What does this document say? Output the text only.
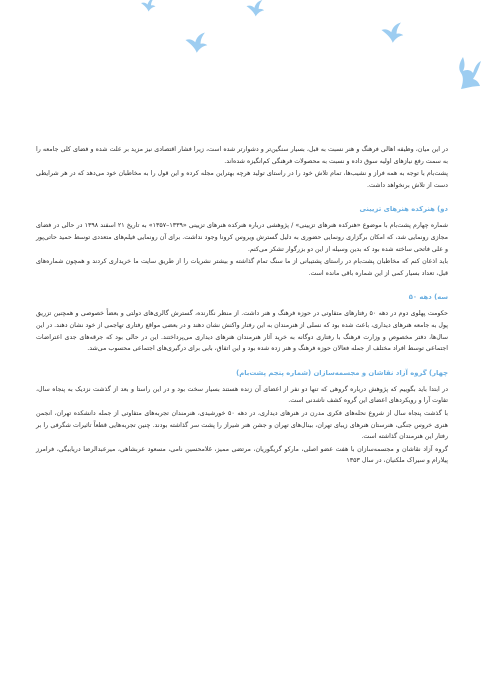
در این میان، وظیفه اهالی فرهنگ و هنر نسبت به قبل، بسیار سنگین‌تر و دشوارتر شده است، زیرا فشار اقتصادی نیز مزید بر علت شده و فضای کلی جامعه را به سمت رفع نیازهای اولیه سوق داده و نسبت به محصولات فرهنگی کم‌انگیزه شده‌اند.

پشت‌بام با توجه به همه فراز و نشیب‌ها، تمام تلاش خود را در راستای تولید هرچه بهتراین مجله کرده و این قول را به مخاطبان خود می‌دهد که در هر شرایطی دست از تلاش برنخواهد داشت.

دو) هنرکده هنرهای تزیینی

شماره چهارم پشت‌بام با موضوع «هنرکده هنرهای تزیینی» / پژوهشی درباره هنرکده هنرهای تزیینی «۱۳۳۹–۱۳۵۷» به تاریخ ۲۱ اسفند ۱۳۹۸ در حالی در فضای مجازی رونمایی شد، که امکان برگزاری رونمایی حضوری به دلیل گسترش ویروس کرونا وجود نداشت. برای آن رونمایی فیلم‌های متعددی توسط حمید حاتی‌پور و علی فاتحی ساخته شده بود که بدین وسیله از این دو بزرگوار تشکر می‌کنم.

باید اذعان کنم که مخاطبان پشت‌بام در راستای پشتیبانی از ما سنگ تمام گذاشته و بیشتر نشریات را از طریق سایت ما خریداری کردند و همچون شماره‌های قبل، تعداد بسیار کمی از این شماره باقی مانده است.

سه) دهه ۵۰

حکومت پهلوی دوم در دهه ۵۰ رفتارهای متفاوتی در حوزه فرهنگ و هنر داشت. از منظر نگارنده، گسترش گالری‌های دولتی و بعضاً خصوصی و همچنین تزریق پول به جامعه هنرهای دیداری، باعث شده بود که نسلی از هنرمندان به این رفتار واکنش نشان دهند و در بعضی مواقع رفتاری تهاجمی از خود نشان دهند. در این سال‌ها، دفتر مخصوص و وزارت فرهنگ با رفتاری دوگانه به خرید آثار هنرمندان هنرهای دیداری می‌پرداختند. این در حالی بود که جرقه‌های جدی اعتراضات اجتماعی توسط افراد مختلف از جمله فعالان حوزه فرهنگ و هنر زده شده بود و این اتفاق، بابی برای درگیری‌های اجتماعی محسوب می‌شد.

چهار) گروه آزاد نقاشان و مجسمه‌سازان (شماره پنجم پشت‌بام)

در ابتدا باید بگوییم که پژوهش درباره گروهی که تنها دو نفر از اعضای آن زنده هستند بسیار سخت بود و در این راستا و بعد از گذشت نزدیک به پنجاه سال، تفاوت آرا و رویکردهای اعضای این گروه کشف ناشدنی است.

با گذشت پنجاه سال از شروع نحله‌های فکری مدرن در هنرهای دیداری، در دهه ۵۰ خورشیدی، هنرمندان تجربه‌های متفاوتی از جمله دانشکده تهران، انجمن هنری خروس جنگی، هنرستان هنرهای زیبای تهران، بینال‌های تهران و جشن هنر شیراز را پشت سر گذاشته بودند. چنین تجربه‌هایی قطعاً تاثیرات شگرفی را بر رفتار این هنرمندان گذاشته است.

گروه آزاد نقاشان و مجسمه‌سازان با هفت عضو اصلی، مارکو گریگوریان، مرتضی ممیز، غلامحسین نامی، مسعود عربشاهی، میرعبدالرضا دریابیگی، فرامرز پیلارام و سیراک ملکنیان، در سال ۱۳۵۳
